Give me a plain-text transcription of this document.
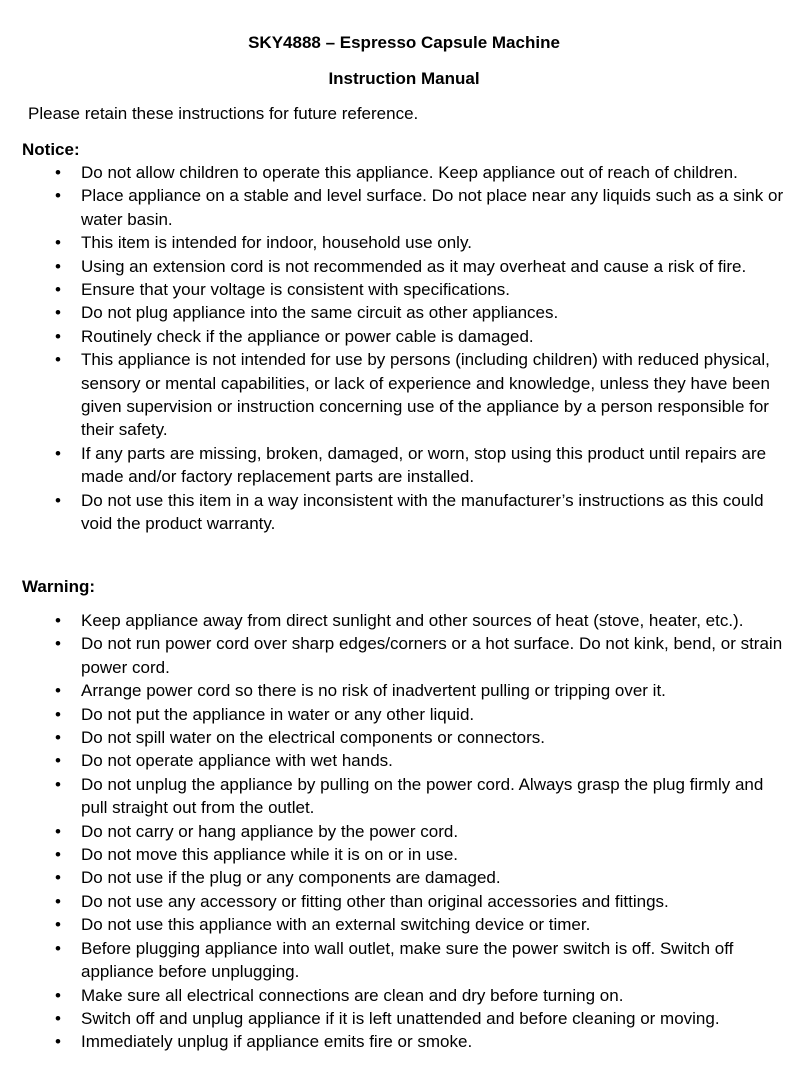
SKY4888 – Espresso Capsule Machine
Instruction Manual

Please retain these instructions for future reference.

Notice:
• Do not allow children to operate this appliance. Keep appliance out of reach of children.
• Place appliance on a stable and level surface. Do not place near any liquids such as a sink or water basin.
• This item is intended for indoor, household use only.
• Using an extension cord is not recommended as it may overheat and cause a risk of fire.
• Ensure that your voltage is consistent with specifications.
• Do not plug appliance into the same circuit as other appliances.
• Routinely check if the appliance or power cable is damaged.
• This appliance is not intended for use by persons (including children) with reduced physical, sensory or mental capabilities, or lack of experience and knowledge, unless they have been given supervision or instruction concerning use of the appliance by a person responsible for their safety.
• If any parts are missing, broken, damaged, or worn, stop using this product until repairs are made and/or factory replacement parts are installed.
• Do not use this item in a way inconsistent with the manufacturer’s instructions as this could void the product warranty.
Warning:
• Keep appliance away from direct sunlight and other sources of heat (stove, heater, etc.).
• Do not run power cord over sharp edges/corners or a hot surface. Do not kink, bend, or strain power cord.
• Arrange power cord so there is no risk of inadvertent pulling or tripping over it.
• Do not put the appliance in water or any other liquid.
• Do not spill water on the electrical components or connectors.
• Do not operate appliance with wet hands.
• Do not unplug the appliance by pulling on the power cord. Always grasp the plug firmly and pull straight out from the outlet.
• Do not carry or hang appliance by the power cord.
• Do not move this appliance while it is on or in use.
• Do not use if the plug or any components are damaged.
• Do not use any accessory or fitting other than original accessories and fittings.
• Do not use this appliance with an external switching device or timer.
• Before plugging appliance into wall outlet, make sure the power switch is off. Switch off appliance before unplugging.
• Make sure all electrical connections are clean and dry before turning on.
• Switch off and unplug appliance if it is left unattended and before cleaning or moving.
• Immediately unplug if appliance emits fire or smoke.
